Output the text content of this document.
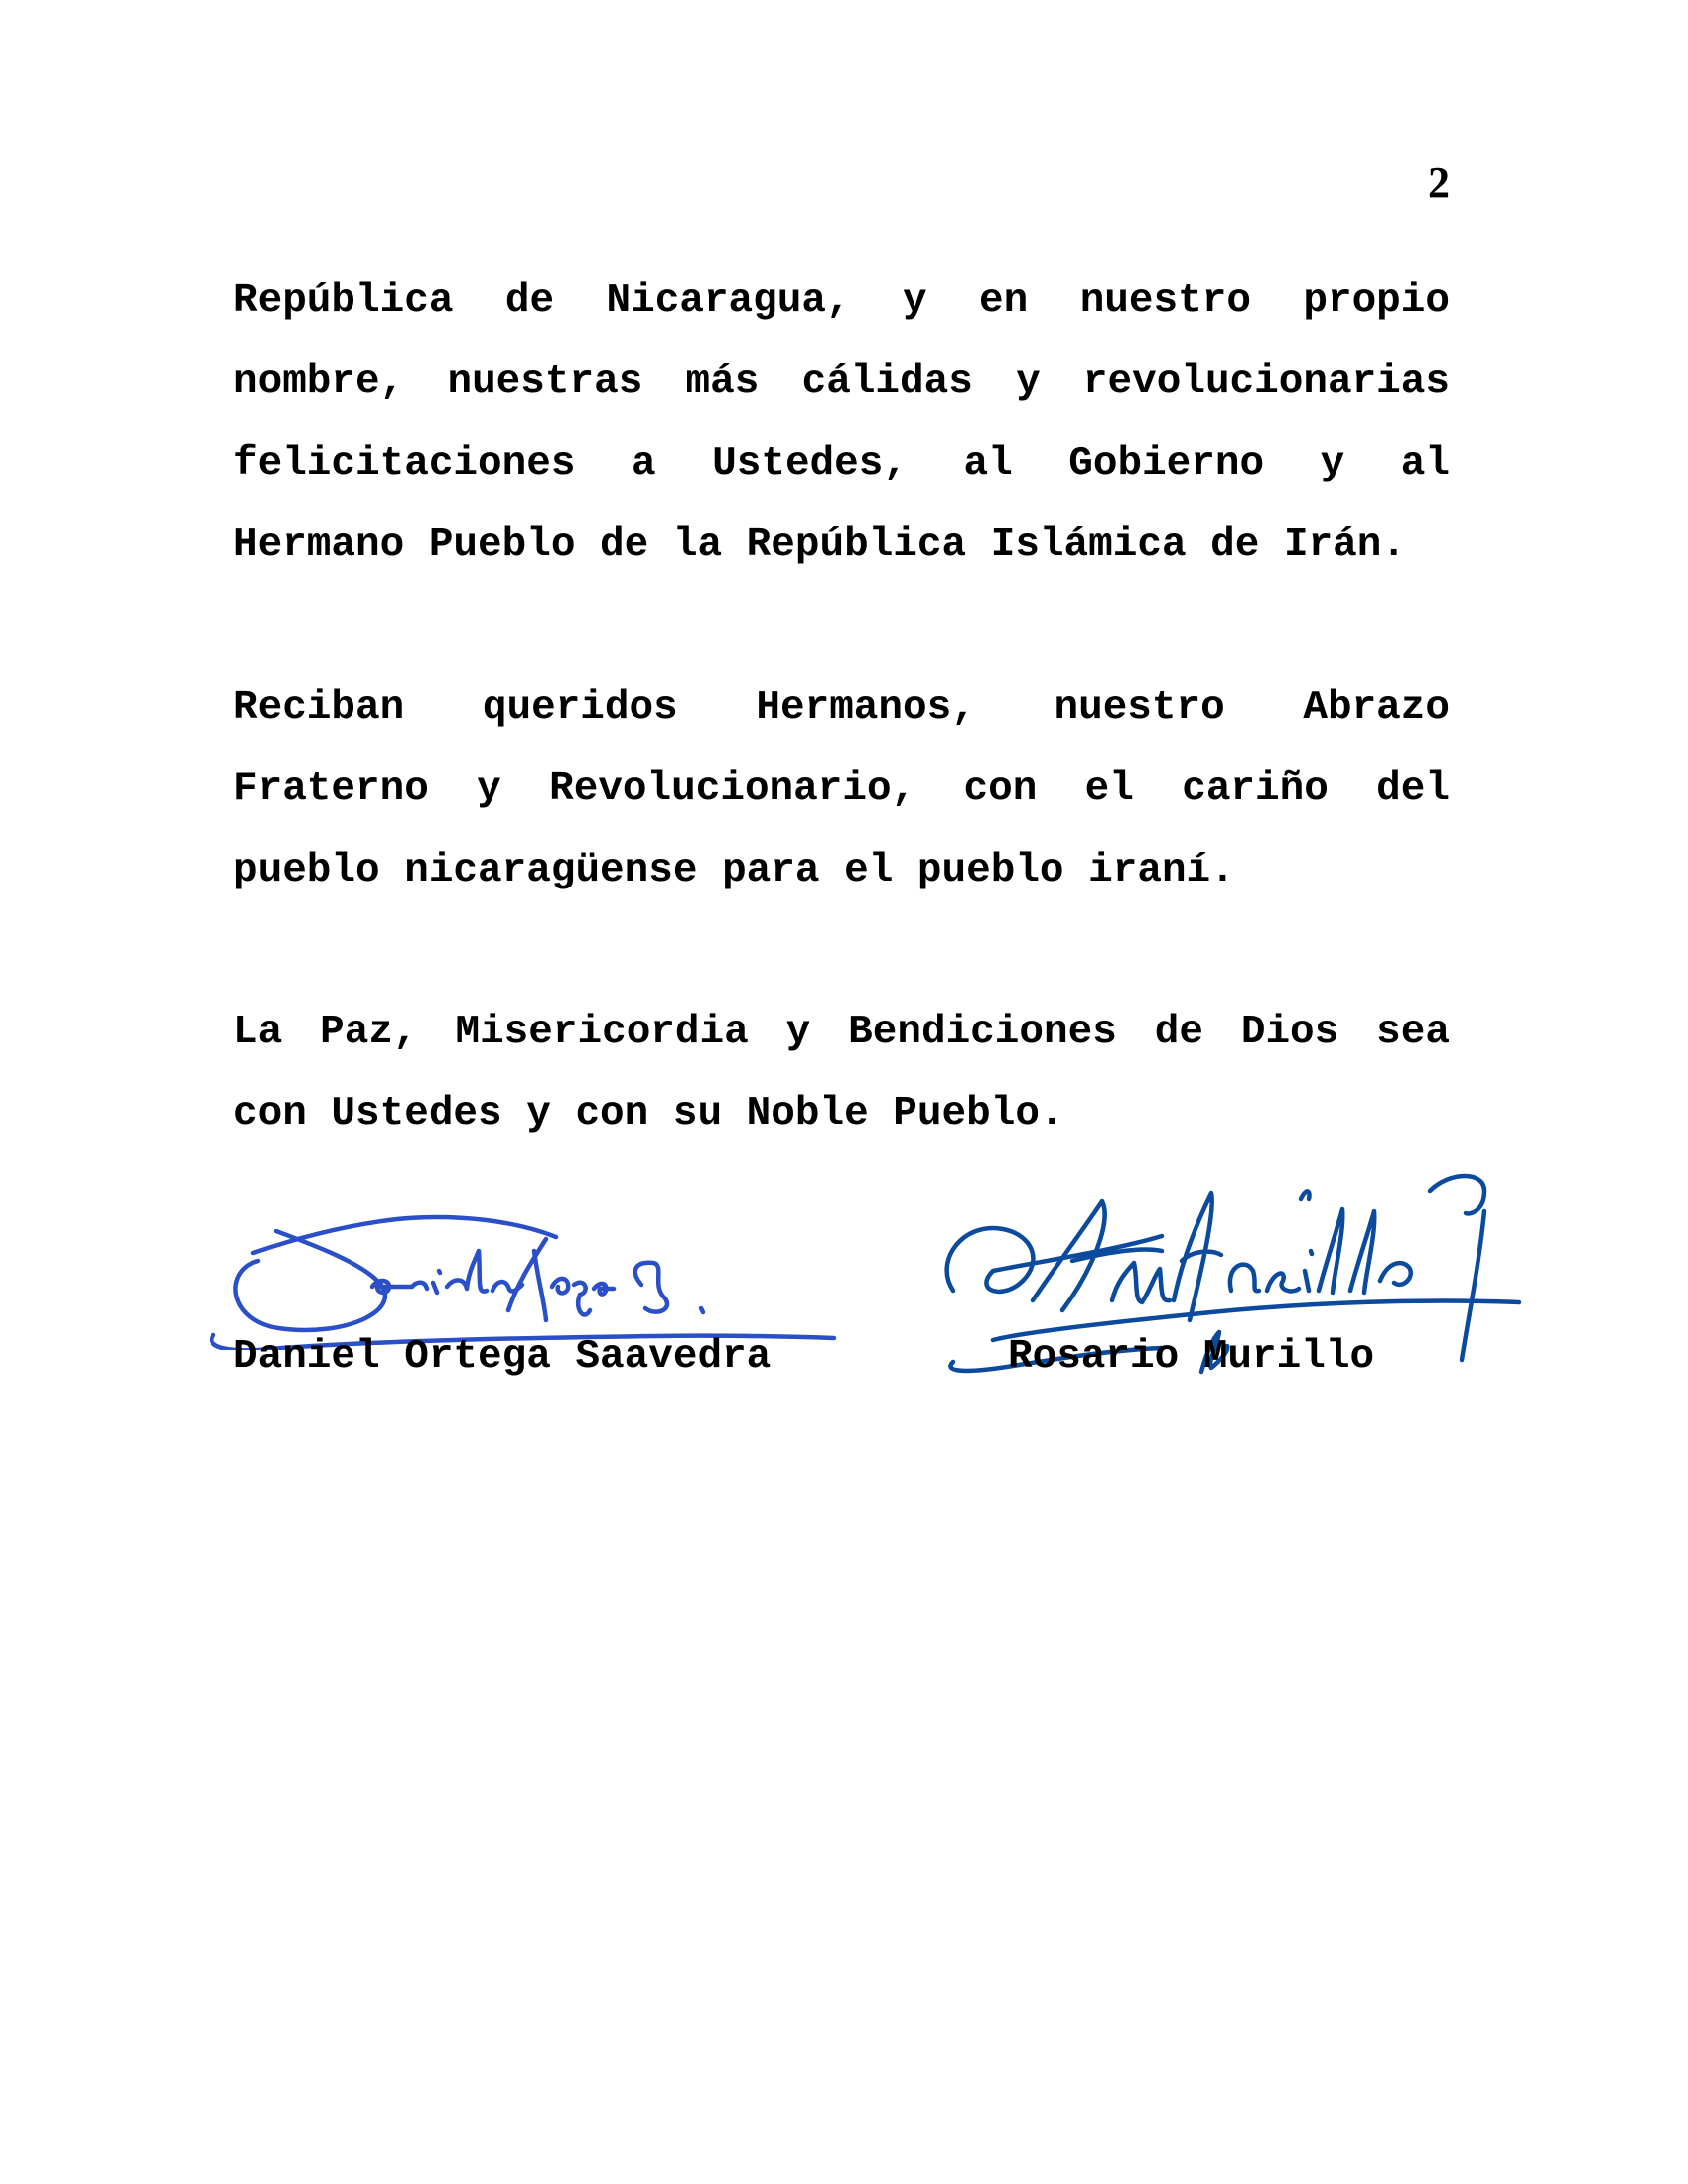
2
República de Nicaragua, y en nuestro propio
nombre, nuestras más cálidas y revolucionarias
felicitaciones a Ustedes, al Gobierno y al
Hermano Pueblo de la República Islámica de Irán.
Reciban queridos Hermanos, nuestro Abrazo
Fraterno y Revolucionario, con el cariño del
pueblo nicaragüense para el pueblo iraní.
La Paz, Misericordia y Bendiciones de Dios sea
con Ustedes y con su Noble Pueblo.
Daniel Ortega Saavedra	Rosario Murillo
